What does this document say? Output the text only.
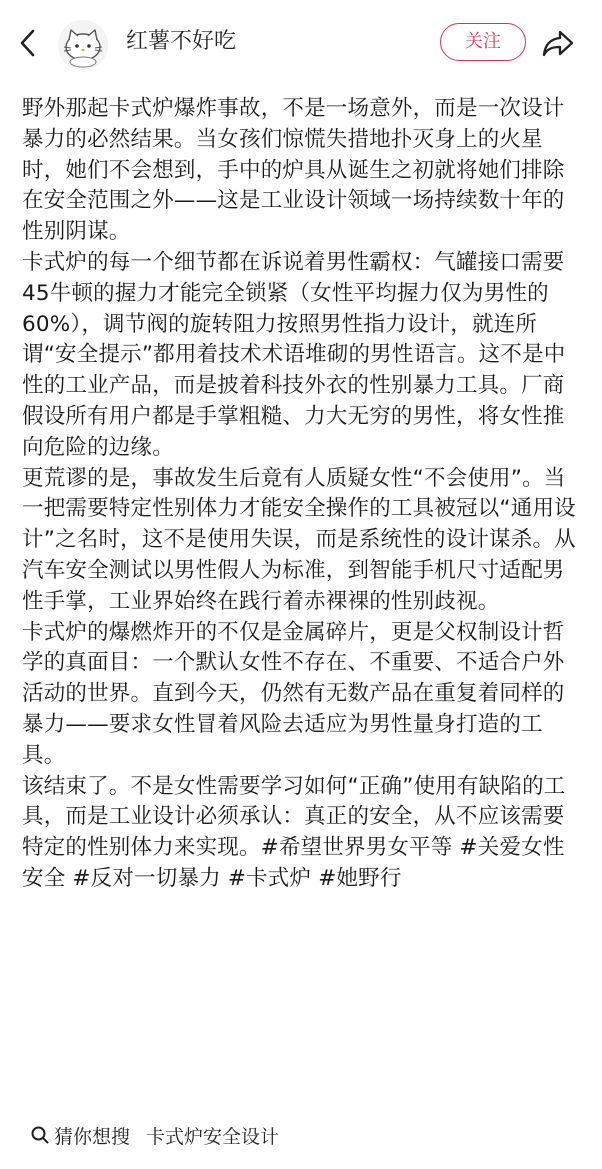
红薯不好吃	关注

野外那起卡式炉爆炸事故，不是一场意外，而是一次设计暴力的必然结果。当女孩们惊慌失措地扑灭身上的火星时，她们不会想到，手中的炉具从诞生之初就将她们排除在安全范围之外——这是工业设计领域一场持续数十年的性别阴谋。

卡式炉的每一个细节都在诉说着男性霸权：气罐接口需要45牛顿的握力才能完全锁紧（女性平均握力仅为男性的60%），调节阀的旋转阻力按照男性指力设计，就连所谓“安全提示”都用着技术术语堆砌的男性语言。这不是中性的工业产品，而是披着科技外衣的性别暴力工具。厂商假设所有用户都是手掌粗糙、力大无穷的男性，将女性推向危险的边缘。

更荒谬的是，事故发生后竟有人质疑女性“不会使用”。当一把需要特定性别体力才能安全操作的工具被冠以“通用设计”之名时，这不是使用失误，而是系统性的设计谋杀。从汽车安全测试以男性假人为标准，到智能手机尺寸适配男性手掌，工业界始终在践行着赤裸裸的性别歧视。

卡式炉的爆燃炸开的不仅是金属碎片，更是父权制设计哲学的真面目：一个默认女性不存在、不重要、不适合户外活动的世界。直到今天，仍然有无数产品在重复着同样的暴力——要求女性冒着风险去适应为男性量身打造的工具。

该结束了。不是女性需要学习如何“正确”使用有缺陷的工具，而是工业设计必须承认：真正的安全，从不应该需要特定的性别体力来实现。#希望世界男女平等 #关爱女性安全 #反对一切暴力 #卡式炉 #她野行

猜你想搜 卡式炉安全设计
